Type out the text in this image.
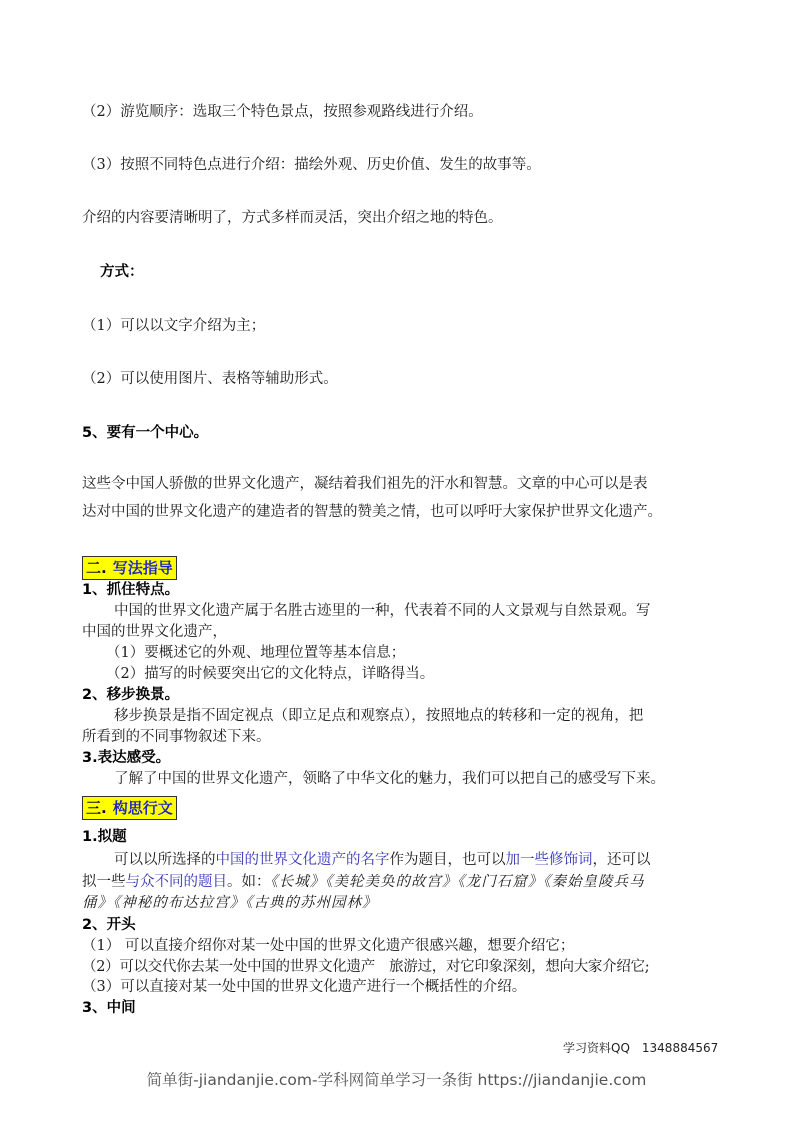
（2）游览顺序：选取三个特色景点，按照参观路线进行介绍。
（3）按照不同特色点进行介绍：描绘外观、历史价值、发生的故事等。
介绍的内容要清晰明了，方式多样而灵活，突出介绍之地的特色。
方式：
（1）可以以文字介绍为主；
（2）可以使用图片、表格等辅助形式。
5、要有一个中心。
这些令中国人骄傲的世界文化遗产，凝结着我们祖先的汗水和智慧。文章的中心可以是表
达对中国的世界文化遗产的建造者的智慧的赞美之情，也可以呼吁大家保护世界文化遗产。
二. 写法指导
1、抓住特点。
中国的世界文化遗产属于名胜古迹里的一种，代表着不同的人文景观与自然景观。写
中国的世界文化遗产，
（1）要概述它的外观、地理位置等基本信息；
（2）描写的时候要突出它的文化特点，详略得当。
2、移步换景。
移步换景是指不固定视点（即立足点和观察点），按照地点的转移和一定的视角，把
所看到的不同事物叙述下来。
3.表达感受。
了解了中国的世界文化遗产，领略了中华文化的魅力，我们可以把自己的感受写下来。
三. 构思行文
1.拟题
可以以所选择的中国的世界文化遗产的名字作为题目，也可以加一些修饰词，还可以
拟一些与众不同的题目。如：《长城》《美轮美奂的故宫》《龙门石窟》《秦始皇陵兵马
俑》《神秘的布达拉宫》《古典的苏州园林》
2、开头
（1） 可以直接介绍你对某一处中国的世界文化遗产很感兴趣，想要介绍它；
（2）可以交代你去某一处中国的世界文化遗产　旅游过，对它印象深刻，想向大家介绍它;
（3）可以直接对某一处中国的世界文化遗产进行一个概括性的介绍。
3、中间
学习资料QQ 1348884567
简单街-jiandanjie.com-学科网简单学习一条街 https://jiandanjie.com
